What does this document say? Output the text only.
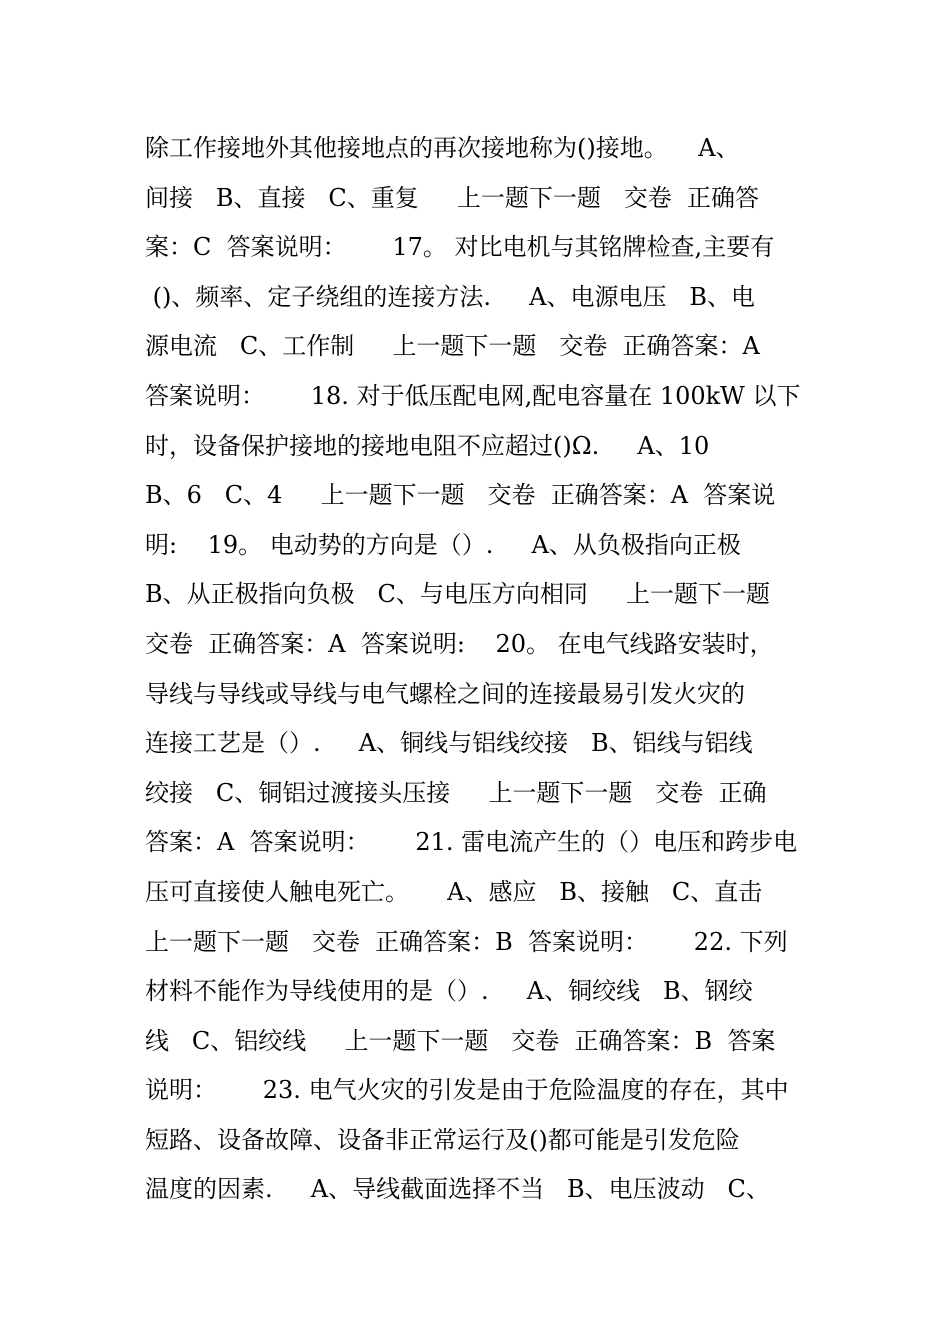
除工作接地外其他接地点的再次接地称为()接地。    A、
间接   B、直接   C、重复     上一题下一题   交卷  正确答
案：C  答案说明：      17。 对比电机与其铭牌检查,主要有
()、频率、定子绕组的连接方法.     A、电源电压   B、电
源电流   C、工作制     上一题下一题   交卷  正确答案：A
答案说明：      18. 对于低压配电网,配电容量在 100kW 以下
时，设备保护接地的接地电阻不应超过()Ω.     A、10
B、6   C、4     上一题下一题   交卷  正确答案：A  答案说
明:    19。 电动势的方向是（）.     A、从负极指向正极
B、从正极指向负极   C、与电压方向相同     上一题下一题
交卷  正确答案：A  答案说明:    20。 在电气线路安装时，
导线与导线或导线与电气螺栓之间的连接最易引发火灾的
连接工艺是（）.     A、铜线与铝线绞接   B、铝线与铝线
绞接   C、铜铝过渡接头压接     上一题下一题   交卷  正确
答案：A  答案说明：      21. 雷电流产生的（）电压和跨步电
压可直接使人触电死亡。     A、感应   B、接触   C、直击
上一题下一题   交卷  正确答案：B  答案说明：      22. 下列
材料不能作为导线使用的是（）.     A、铜绞线   B、钢绞
线   C、铝绞线     上一题下一题   交卷  正确答案：B  答案
说明：      23. 电气火灾的引发是由于危险温度的存在，其中
短路、设备故障、设备非正常运行及()都可能是引发危险
温度的因素.     A、导线截面选择不当   B、电压波动   C、
